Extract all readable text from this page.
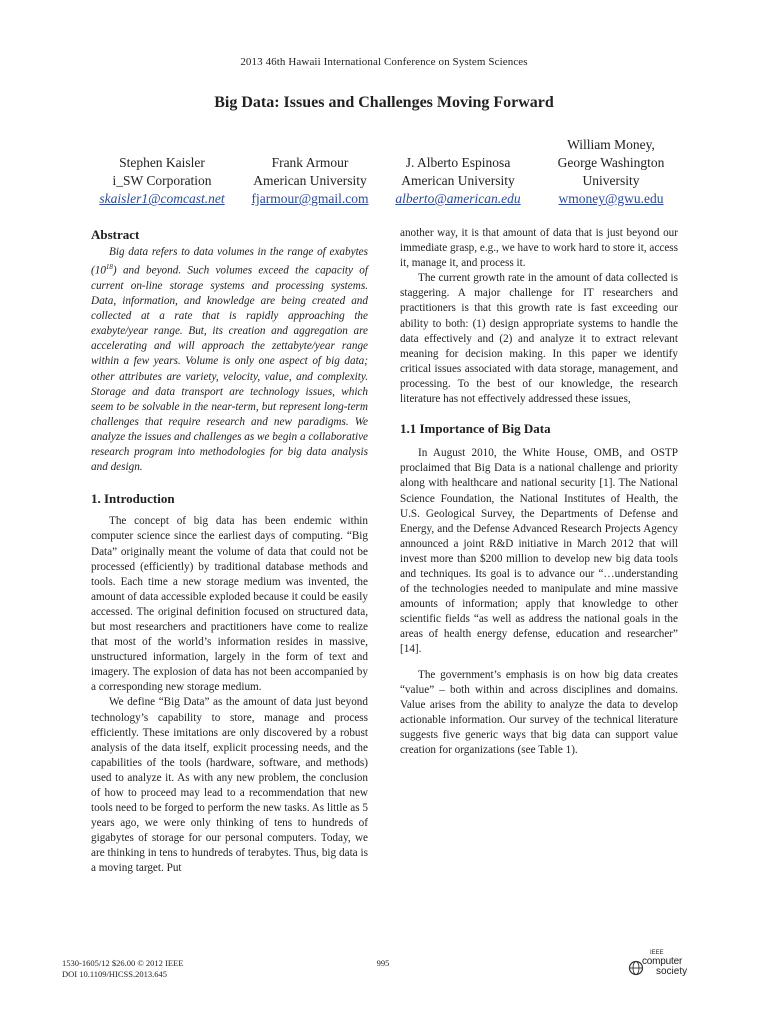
2013 46th Hawaii International Conference on System Sciences
Big Data: Issues and Challenges Moving Forward
Stephen Kaisler
i_SW Corporation
skaisler1@comcast.net
Frank Armour
American University
fjarmour@gmail.com
J. Alberto Espinosa
American University
alberto@american.edu
William Money,
George Washington
University
wmoney@gwu.edu
Abstract

Big data refers to data volumes in the range of exabytes $(10^{18})$ and beyond. Such volumes exceed the capacity of current on-line storage systems and processing systems. Data, information, and knowledge are being created and collected at a rate that is rapidly approaching the exabyte/year range. But, its creation and aggregation are accelerating and will approach the zettabyte/year range within a few years. Volume is only one aspect of big data; other attributes are variety, velocity, value, and complexity. Storage and data transport are technology issues, which seem to be solvable in the near-term, but represent long-term challenges that require research and new paradigms. We analyze the issues and challenges as we begin a collaborative research program into methodologies for big data analysis and design.

1. Introduction

The concept of big data has been endemic within computer science since the earliest days of computing. “Big Data” originally meant the volume of data that could not be processed (efficiently) by traditional database methods and tools. Each time a new storage medium was invented, the amount of data accessible exploded because it could be easily accessed. The original definition focused on structured data, but most researchers and practitioners have come to realize that most of the world’s information resides in massive, unstructured information, largely in the form of text and imagery. The explosion of data has not been accompanied by a corresponding new storage medium.

We define “Big Data” as the amount of data just beyond technology’s capability to store, manage and process efficiently. These imitations are only discovered by a robust analysis of the data itself, explicit processing needs, and the capabilities of the tools (hardware, software, and methods) used to analyze it. As with any new problem, the conclusion of how to proceed may lead to a recommendation that new tools need to be forged to perform the new tasks. As little as 5 years ago, we were only thinking of tens to hundreds of gigabytes of storage for our personal computers. Today, we are thinking in tens to hundreds of terabytes. Thus, big data is a moving target. Put

another way, it is that amount of data that is just beyond our immediate grasp, e.g., we have to work hard to store it, access it, manage it, and process it.

The current growth rate in the amount of data collected is staggering. A major challenge for IT researchers and practitioners is that this growth rate is fast exceeding our ability to both: (1) design appropriate systems to handle the data effectively and (2) and analyze it to extract relevant meaning for decision making. In this paper we identify critical issues associated with data storage, management, and processing. To the best of our knowledge, the research literature has not effectively addressed these issues,

1.1 Importance of Big Data

In August 2010, the White House, OMB, and OSTP proclaimed that Big Data is a national challenge and priority along with healthcare and national security [1]. The National Science Foundation, the National Institutes of Health, the U.S. Geological Survey, the Departments of Defense and Energy, and the Defense Advanced Research Projects Agency announced a joint R&D initiative in March 2012 that will invest more than $200 million to develop new big data tools and techniques. Its goal is to advance our “…understanding of the technologies needed to manipulate and mine massive amounts of information; apply that knowledge to other scientific fields “as well as address the national goals in the areas of health energy defense, education and researcher” [14].

The government’s emphasis is on how big data creates “value” – both within and across disciplines and domains. Value arises from the ability to analyze the data to develop actionable information. Our survey of the technical literature suggests five generic ways that big data can support value creation for organizations (see Table 1).

1530-1605/12 $26.00 © 2012 IEEE
DOI 10.1109/HICSS.2013.645
995
IEEE
computer
society
